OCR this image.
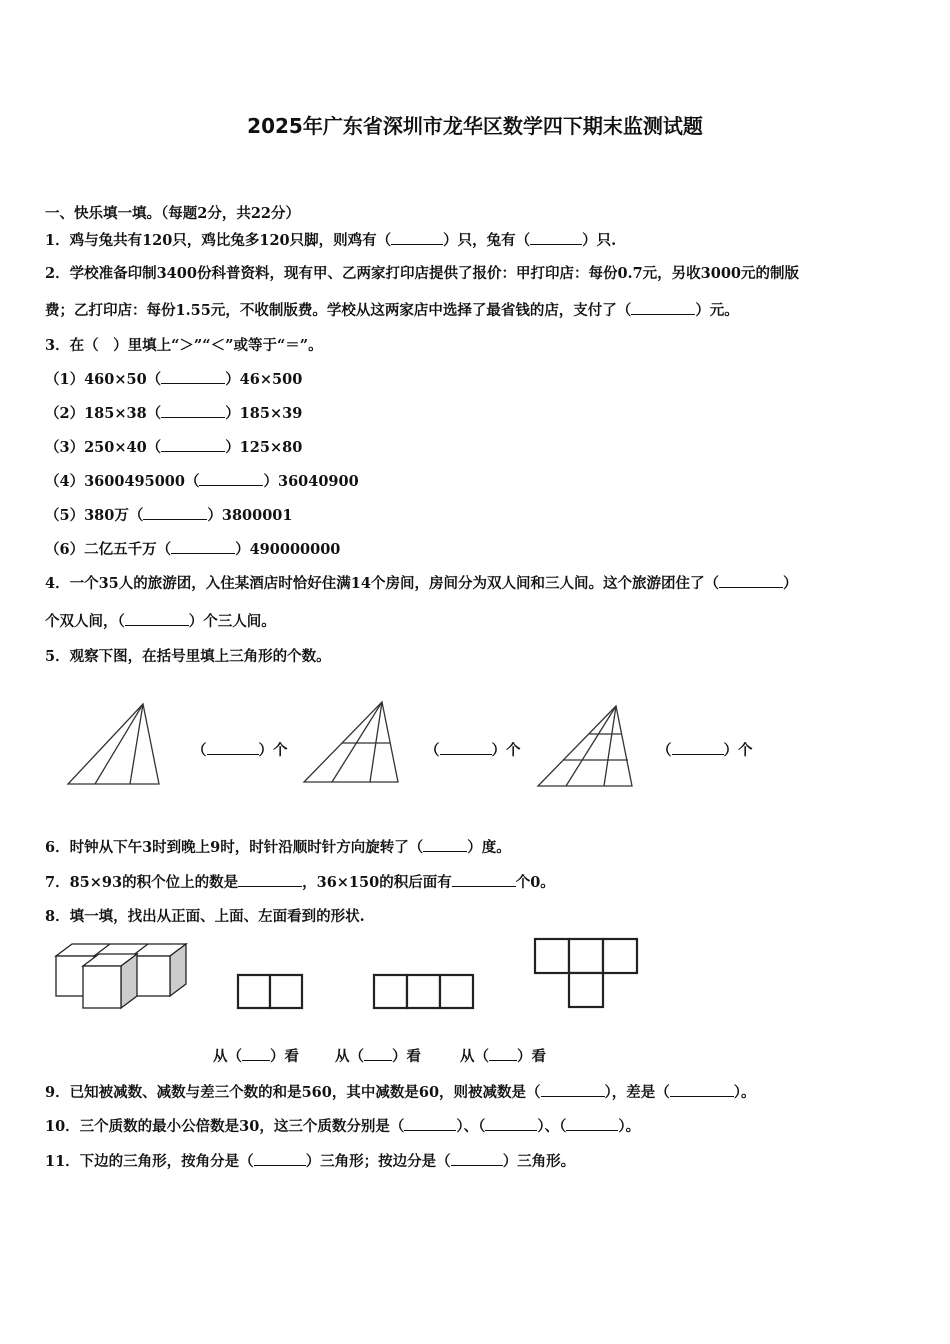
2025年广东省深圳市龙华区数学四下期末监测试题
一、快乐填一填。（每题2分，共22分）
1．鸡与兔共有120只，鸡比兔多120只脚，则鸡有（	）只，兔有（	）只.
2．学校准备印制3400份科普资料，现有甲、乙两家打印店提供了报价：甲打印店：每份0.7元，另收3000元的制版
费；乙打印店：每份1.55元，不收制版费。学校从这两家店中选择了最省钱的店，支付了（	）元。
3．在（　）里填上“＞”“＜”或等于“＝”。
（1）460×50（	）46×500
（2）185×38（	）185×39
（3）250×40（	）125×80
（4）3600495000（	）36040900
（5）380万（	）3800001
（6）二亿五千万（	）490000000
4．一个35人的旅游团，入住某酒店时恰好住满14个房间，房间分为双人间和三人间。这个旅游团住了（	）
个双人间，（	）个三人间。
5．观察下图，在括号里填上三角形的个数。
（	）个	（	）个	（	）个
6．时钟从下午3时到晚上9时，时针沿顺时针方向旋转了（	）度。
7．85×93的积个位上的数是	，36×150的积后面有	个0。
8．填一填，找出从正面、上面、左面看到的形状.
从（ ）看 从（ ）看	从（ ）看
9．已知被减数、减数与差三个数的和是560，其中减数是60，则被减数是（	），差是（	）。
10．三个质数的最小公倍数是30，这三个质数分别是（	）、（	）、（	）。
11．下边的三角形，按角分是（	）三角形；按边分是（	）三角形。
